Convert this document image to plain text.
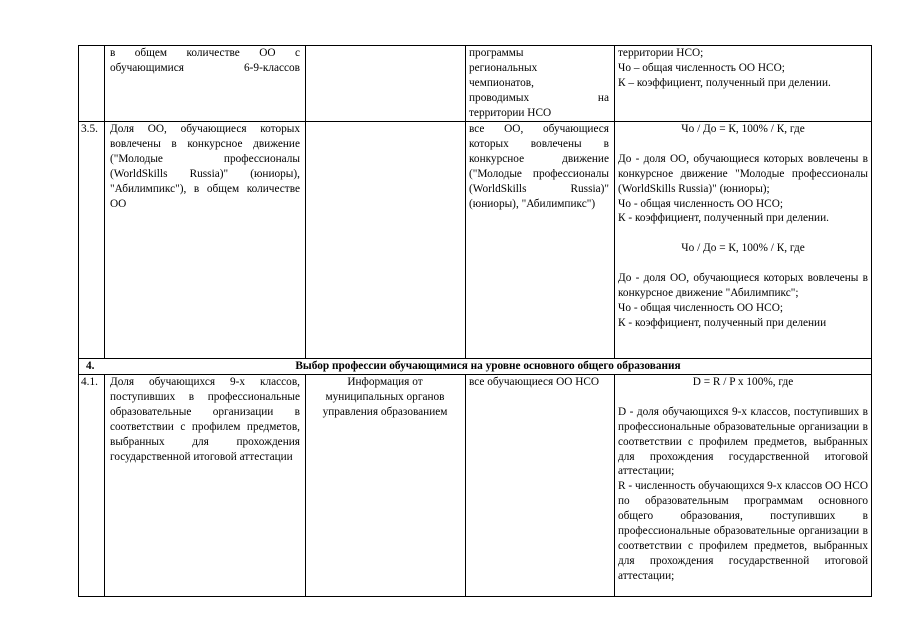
в общем количестве ОО с обучающимися 6-9-классов

программы

региональных

чемпионатов,

проводимых на

территории НСО

территории НСО;

Чо – общая численность ОО НСО;

К – коэффициент, полученный при делении.

3.5. Доля ОО, обучающиеся которых вовлечены в конкурсное движение ("Молодые профессионалы (WorldSkills Russia)" (юниоры), "Абилимпикс"), в общем количестве ОО
все ОО, обучающиеся которых вовлечены в конкурсное движение ("Молодые профессионалы (WorldSkills Russia)" (юниоры), "Абилимпикс")

Чо / До = К, 100% / К, где

До - доля ОО, обучающиеся которых вовлечены в конкурсное движение "Молодые профессионалы (WorldSkills Russia)" (юниоры);

Чо - общая численность ОО НСО;

К - коэффициент, полученный при делении.

Чо / До = К, 100% / К, где

До - доля ОО, обучающиеся которых вовлечены в конкурсное движение "Абилимпикс";

Чо - общая численность ОО НСО;

К - коэффициент, полученный при делении

4.	Выбор профессии обучающимися на уровне основного общего образования
4.1. Доля обучающихся 9-х классов, поступивших в профессиональные образовательные организации в соответствии с профилем предметов, выбранных для прохождения государственной итоговой аттестации
Информация от муниципальных органов управления образованием
все обучающиеся ОО НСО	D = R / P x 100%, где

D - доля обучающихся 9-х классов, поступивших в профессиональные образовательные организации в соответствии с профилем предметов, выбранных для прохождения государственной итоговой аттестации;

R - численность обучающихся 9-х классов ОО НСО по образовательным программам основного общего образования, поступивших в профессиональные образовательные организации в соответствии с профилем предметов, выбранных для прохождения государственной итоговой аттестации;
